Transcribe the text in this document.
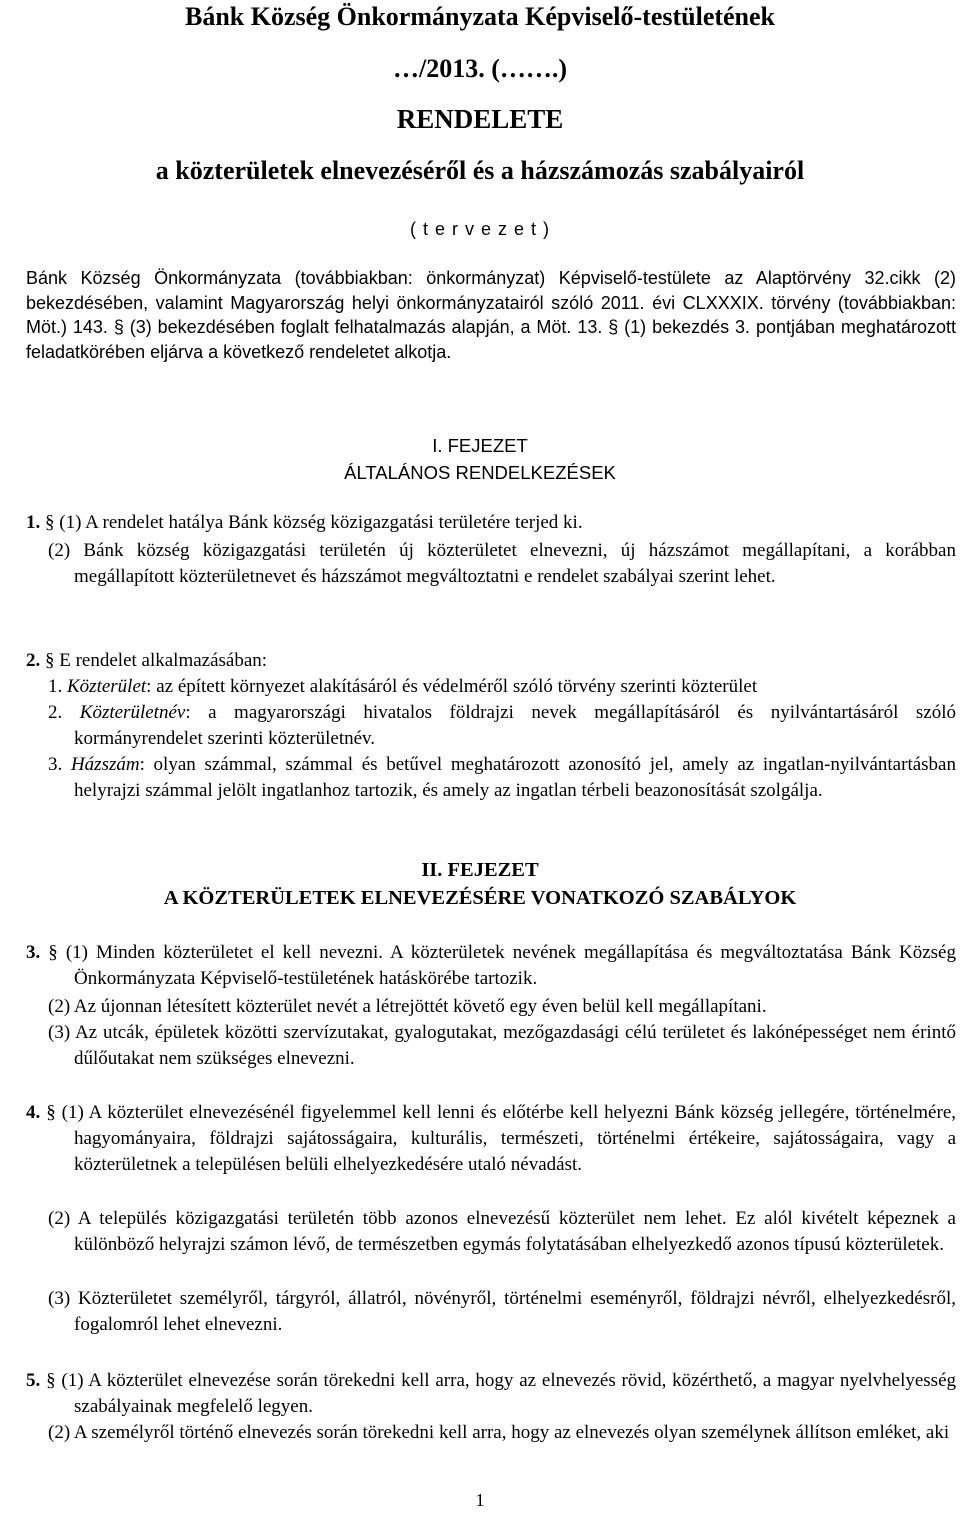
Bánk Község Önkormányzata Képviselő-testületének
…/2013. (…….)
RENDELETE
a közterületek elnevezéséről és a házszámozás szabályairól
( t e r v e z e t )
Bánk Község Önkormányzata (továbbiakban: önkormányzat) Képviselő-testülete az Alaptörvény 32.cikk (2) bekezdésében, valamint Magyarország helyi önkormányzatairól szóló 2011. évi CLXXXIX. törvény (továbbiakban: Möt.) 143. § (3) bekezdésében foglalt felhatalmazás alapján, a Möt. 13. § (1) bekezdés 3. pontjában meghatározott feladatkörében eljárva a következő rendeletet alkotja.
I. FEJEZET
ÁLTALÁNOS RENDELKEZÉSEK
1. § (1) A rendelet hatálya Bánk község közigazgatási területére terjed ki.
(2) Bánk község közigazgatási területén új közterületet elnevezni, új házszámot megállapítani, a korábban megállapított közterületnevet és házszámot megváltoztatni e rendelet szabályai szerint lehet.
2. § E rendelet alkalmazásában:
1. Közterület: az épített környezet alakításáról és védelméről szóló törvény szerinti közterület
2. Közterületnév: a magyarországi hivatalos földrajzi nevek megállapításáról és nyilvántartásáról szóló kormányrendelet szerinti közterületnév.
3. Házszám: olyan számmal, számmal és betűvel meghatározott azonosító jel, amely az ingatlan-nyilvántartásban helyrajzi számmal jelölt ingatlanhoz tartozik, és amely az ingatlan térbeli beazonosítását szolgálja.
II. FEJEZET
A KÖZTERÜLETEK ELNEVEZÉSÉRE VONATKOZÓ SZABÁLYOK
3. § (1) Minden közterületet el kell nevezni. A közterületek nevének megállapítása és megváltoztatása Bánk Község Önkormányzata Képviselő-testületének hatáskörébe tartozik.
(2) Az újonnan létesített közterület nevét a létrejöttét követő egy éven belül kell megállapítani.
(3) Az utcák, épületek közötti szervízutakat, gyalogutakat, mezőgazdasági célú területet és lakónépességet nem érintő dűlőutakat nem szükséges elnevezni.
4. § (1) A közterület elnevezésénél figyelemmel kell lenni és előtérbe kell helyezni Bánk község jellegére, történelmére, hagyományaira, földrajzi sajátosságaira, kulturális, természeti, történelmi értékeire, sajátosságaira, vagy a közterületnek a településen belüli elhelyezkedésére utaló névadást.
(2) A település közigazgatási területén több azonos elnevezésű közterület nem lehet. Ez alól kivételt képeznek a különböző helyrajzi számon lévő, de természetben egymás folytatásában elhelyezkedő azonos típusú közterületek.
(3) Közterületet személyről, tárgyról, állatról, növényről, történelmi eseményről, földrajzi névről, elhelyezkedésről, fogalomról lehet elnevezni.
5. § (1) A közterület elnevezése során törekedni kell arra, hogy az elnevezés rövid, közérthető, a magyar nyelvhelyesség szabályainak megfelelő legyen.
(2) A személyről történő elnevezés során törekedni kell arra, hogy az elnevezés olyan személynek állítson emléket, aki
1
